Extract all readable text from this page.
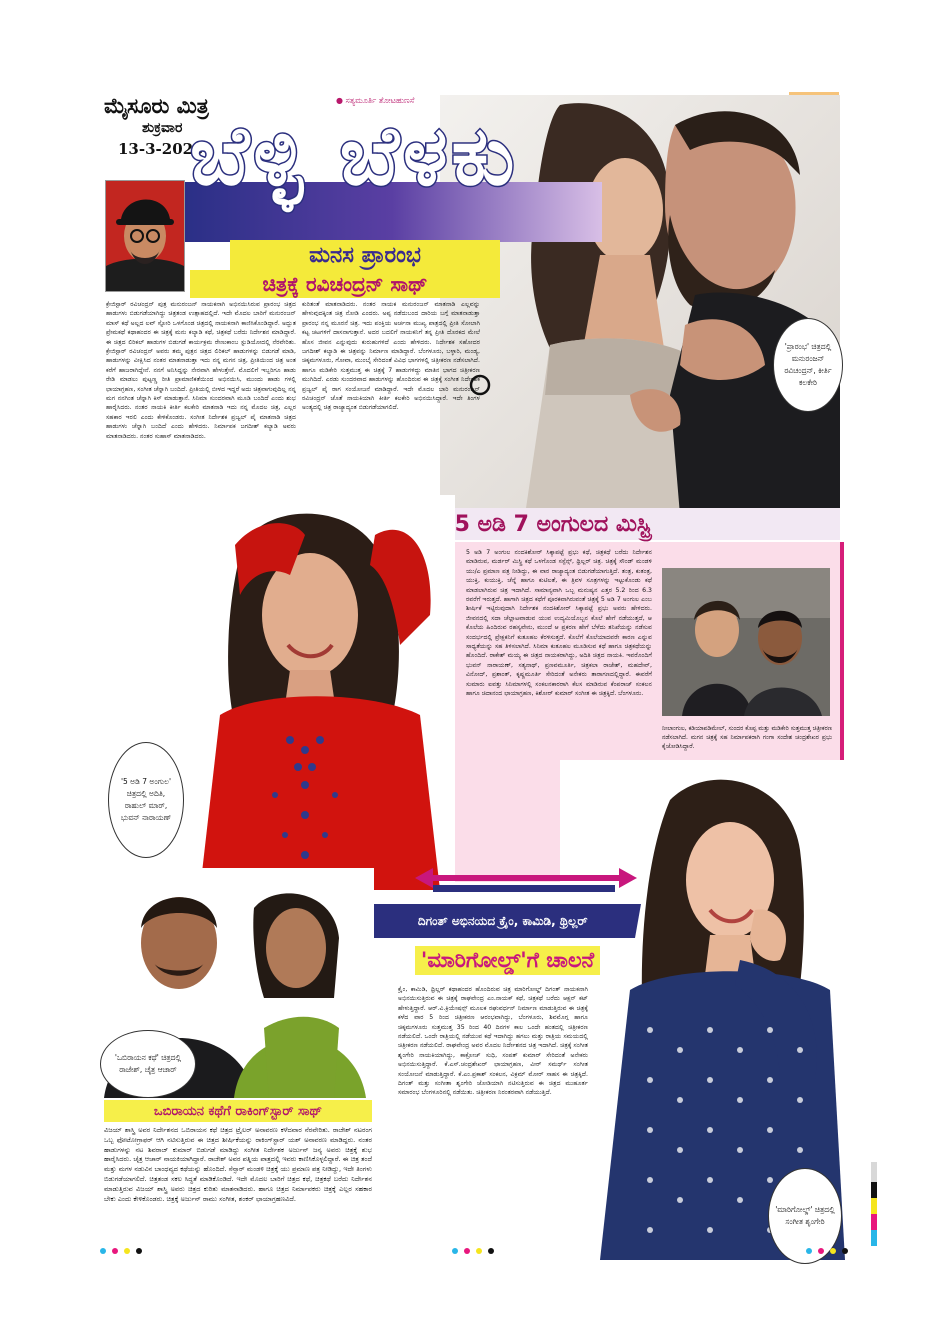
ಮೈಸೂರು ಮಿತ್ರ
ಶುಕ್ರವಾರ
13-3-2020
● ಸತ್ಯಮೂರ್ತಿ ತೋಟಹುಣಸೆ
ಬೆಳ್ಳಿ ಬೆಳಕು
ಮನಸ ಪ್ರಾರಂಭ
ಚಿತ್ರಕ್ಕೆ ರವಿಚಂದ್ರನ್ ಸಾಥ್
ಕ್ರೇಜಿಸ್ಟಾರ್ ರವಿಚಂದ್ರನ್ ಪುತ್ರ ಮನುರಂಜನ್ ನಾಯಕನಾಗಿ ಅಭಿನಯಿಸಿರುವ ಪ್ರಾರಂಭ ಚಿತ್ರದ ಹಾಡುಗಳು ಬಿಡುಗಡೆಯಾಗಿದ್ದು ಚಿತ್ರತಂಡ ಉತ್ಸಾಹದಲ್ಲಿದೆ. ಇದೇ ಮೊದಲ ಬಾರಿಗೆ ಮನುರಂಜನ್ ಮಾಸ್ ಕಥೆ ಅಲ್ಲದ ಲವ್ ಸ್ಟೋರಿ ಒಳಗೊಂಡ ಚಿತ್ರದಲ್ಲಿ ನಾಯಕನಾಗಿ ಕಾಣಿಸಿಕೊಂಡಿದ್ದಾರೆ. ಅದ್ಭುತ ಪ್ರೇಮಕಥೆ ಕಥಾಹಂದರ ಈ ಚಿತ್ರಕ್ಕೆ ಮನು ಕಲ್ಯಾಡಿ ಕಥೆ, ಚಿತ್ರಕಥೆ ಬರೆದು ನಿರ್ದೇಶನ ಮಾಡಿದ್ದಾರೆ. ಈ ಚಿತ್ರದ ಲಿರಿಕಲ್ ಹಾಡುಗಳ ಬಿಡುಗಡೆ ಕಾರ್ಯಕ್ರಮ ರೇಣುಕಾಂಬ ಸ್ಟುಡಿಯೋದಲ್ಲಿ ನೆರವೇರಿತು. ಕ್ರೇಜಿಸ್ಟಾರ್ ರವಿಚಂದ್ರನ್ ಅವರು ತಮ್ಮ ಪುತ್ರನ ಚಿತ್ರದ ಲಿರಿಕಲ್ ಹಾಡುಗಳನ್ನು ಬಿಡುಗಡೆ ಮಾಡಿ, ಹಾಡುಗಳನ್ನು ವೀಕ್ಷಿಸಿದ ನಂತರ ಮಾತನಾಡುತ್ತಾ ಇದು ನನ್ನ ಮಗನ ಚಿತ್ರ, ಪ್ರೀತಿಯಿಂದ ಚಿತ್ರ ಅಂತ ಕರೆಗೆ ಹಾಜರಾಗಿದ್ದೇನೆ. ನನಗೆ ಅನಿಸಿದ್ದನ್ನು ನೇರವಾಗಿ ಹೇಳುತ್ತೇನೆ. ಮೊದಲಿಗೆ ಇಬ್ಬರಿಗೂ ಹಾಡು ರೇಡಿ ಮಾಡಲು ಪುಟ್ಟಣ್ಣ ರೀತಿ ಪ್ರಾಮಾಣಿಕತೆಯಿಂದ ಅಭಿನಯಿಸಿ, ಮುಂದು ಹಾಡು ಗಳಲ್ಲಿ ಛಾಯಾಗ್ರಹಣ, ಸಂಗೀತ ಚೆನ್ನಾಗಿ ಬಂದಿದೆ. ಪ್ರೀತಿಯಲ್ಲಿ ಬೀಳದ ಇದ್ದರೆ ಅದು ಚಿತ್ರವಾಗುವುದಿಲ್ಲ ನನ್ನ ಮಗ ನನಗಿಂತ ಚೆನ್ನಾಗಿ ಕಿಸ್ ಮಾಡುತ್ತಾನೆ. ಸಿನಿಮಾ ಸುಂದರವಾಗಿ ಮೂಡಿ ಬಂದಿದೆ ಎಂದು ಶುಭ ಹಾರೈಸಿದರು. ನಂತರ ನಾಯಕಿ ಕೀರ್ತಿ ಕಲಕೇರಿ ಮಾತನಾಡಿ ಇದು ನನ್ನ ಮೊದಲ ಚಿತ್ರ, ಎಲ್ಲರ ಸಹಕಾರ ಇರಲಿ ಎಂದು ಕೇಳಿಕೊಂಡರು. ಸಂಗೀತ ನಿರ್ದೇಶಕ ಪ್ರಜ್ವಲ್ ಪೈ ಮಾತನಾಡಿ ಚಿತ್ರದ ಹಾಡುಗಳು ಚೆನ್ನಾಗಿ ಬಂದಿದೆ ಎಂದು ಹೇಳಿದರು. ನಿರ್ಮಾಪಕ ಜಗದೀಶ್ ಕಲ್ಯಾಡಿ ಅವರು ಮಾತನಾಡಿದರು. ನಂತರ ಸುಹಾಸ್ ಮಾತನಾಡಿದರು.
ಕುರಿತಂತೆ ಮಾತನಾಡಿದರು. ನಂತರ ನಾಯಕ ಮನುರಂಜನ್ ಮಾತನಾಡಿ ಎಲ್ಲವನ್ನು ಹೇಳುವುದಕ್ಕಿಂತ ಚಿತ್ರ ನೋಡಿ ಎಂದರು. ಅಪ್ಪ ನಡೆದುಬಂದ ದಾರಿಯ ಬಗ್ಗೆ ಮಾತನಾಡುತ್ತಾ ಪ್ರಾರಂಭ ನನ್ನ ಮೂರನೆ ಚಿತ್ರ. ಇದು ಪಂಕ್ತಿಯ ಅರ್ಚನಾ ಮುಖ್ಯ ಪಾತ್ರದಲ್ಲಿ ಪ್ರೀತಿ ಸೋಲಾಗಿ ಕಟ್ಟ ಚಟಗಳಿಗೆ ದಾಸನಾಗುತ್ತಾನೆ. ಅದರ ಬದಲಿಗೆ ನಾಯಕನಿಗೆ ತನ್ನ ಪ್ರೀತಿ ದೊರಕದ ಮೇಲೆ ಹೊಸ ಜೀವನ ಎನ್ನುವುದು ಕುರುಹುಗಳಿದೆ ಎಂದು ಹೇಳಿದರು. ನಿರ್ದೇಶಕ ಸಹೋದರ ಜಗದೀಶ್ ಕಲ್ಯಾಡಿ ಈ ಚಿತ್ರವನ್ನು ನಿರ್ಮಾಣ ಮಾಡಿದ್ದಾರೆ. ಬೆಂಗಳೂರು, ಬಳ್ಳಾರಿ, ಮಂಡ್ಯ, ಚಿಕ್ಕಮಗಳೂರು, ಗೋವಾ, ಮುಂಬೈ ಸೇರಿದಂತೆ ವಿವಿಧ ಭಾಗಗಳಲ್ಲಿ ಚಿತ್ರೀಕರಣ ನಡೆಸಲಾಗಿದೆ. ಹಾಗೂ ಮಡಿಕೇರಿ ಸುತ್ತಮುತ್ತ ಈ ಚಿತ್ರಕ್ಕೆ 7 ಹಾಡುಗಳಿದ್ದು ಮಾತಿನ ಭಾಗದ ಚಿತ್ರೀಕರಣ ಮುಗಿದಿದೆ. ಎರಡು ಸುಂದರವಾದ ಹಾಡುಗಳನ್ನು ಹೊಂದಿರುವ ಈ ಚಿತ್ರಕ್ಕೆ ಸಂಗೀತ ನಿರ್ದೇಶಕ ಪ್ರಜ್ವಲ್ ಪೈ ರಾಗ ಸಂಯೋಜನೆ ಮಾಡಿದ್ದಾರೆ. ಇದೇ ಮೊದಲ ಬಾರಿ ಮನುರಂಜನ್ ರವಿಚಂದ್ರನ್ ಜೊತೆ ನಾಯಕಿಯಾಗಿ ಕೀರ್ತಿ ಕಲಕೇರಿ ಅಭಿನಯಿಸಿದ್ದಾರೆ. ಇದೇ ತಿಂಗಳ ಅಂತ್ಯದಲ್ಲಿ ಚಿತ್ರ ರಾಜ್ಯಾದ್ಯಂತ ಬಿಡುಗಡೆಯಾಗಲಿದೆ.
'ಪ್ರಾರಂಭ' ಚಿತ್ರದಲ್ಲಿ ಮನುರಂಜನ್ ರವಿಚಂದ್ರನ್, ಕೀರ್ತಿ ಕಲಕೇರಿ
5 ಅಡಿ 7 ಅಂಗುಲದ ಮಿಸ್ಟ್ರಿ
'5 ಅಡಿ 7 ಅಂಗುಲ' ಚಿತ್ರದಲ್ಲಿ ಅದಿತಿ, ರಾಹುಲ್ ಮಾರ್, ಭುವನ್ ನಾರಾಯಣ್
5 ಅಡಿ 7 ಅಂಗುಲ ನಂದಕಿಶೋರ್ ಸಿಕ್ಕಾಪಟ್ಟೆ ಪ್ರಭು ಕಥೆ, ಚಿತ್ರಕಥೆ ಬರೆದು ನಿರ್ದೇಶನ ಮಾಡಿರುವ, ಮರ್ಡರ್ ಮಿಸ್ಟ್ರಿ ಕಥೆ ಒಳಗೊಂಡ ಸಸ್ಪೆನ್ಸ್, ಥ್ರಿಲ್ಲರ್ ಚಿತ್ರ. ಚಿತ್ರಕ್ಕೆ ಸೌಂಡ್ ಮಂಡಳಿ ಯು/ಎ ಪ್ರಮಾಣ ಪತ್ರ ನೀಡಿದ್ದು, ಈ ವಾರ ರಾಜ್ಯಾದ್ಯಂತ ಬಿಡುಗಡೆಯಾಗುತ್ತಿದೆ. ತಂತ್ರ, ಕುತಂತ್ರ, ಯುಕ್ತಿ, ಕುಯುಕ್ತಿ, ಚೆನ್ನೆ ಹಾಗೂ ಕುಟಿಲತೆ, ಈ ತ್ರಿವಳ ಸೂತ್ರಗಳನ್ನು ಇಟ್ಟುಕೊಂಡು ಕಥೆ ಮಾಡಲಾಗಿರುವ ಚಿತ್ರ ಇದಾಗಿದೆ. ಸಾಮಾನ್ಯವಾಗಿ ಒಬ್ಬ ಮನುಷ್ಯನ ಎತ್ತರ 5.2 ರಿಂದ 6.3 ರವರೆಗೆ ಇರುತ್ತದೆ. ಹಾಗಾಗಿ ಚಿತ್ರದ ಕಥೆಗೆ ಪೂರಕವಾಗಿರುವಂತೆ ಚಿತ್ರಕ್ಕೆ 5 ಅಡಿ 7 ಅಂಗುಲ ಎಂಬ ಶೀರ್ಷಿಕೆ ಇಟ್ಟಿರುವುದಾಗಿ ನಿರ್ದೇಶಕ ನಂದಕಿಶೋರ್ ಸಿಕ್ಕಾಪಟ್ಟೆ ಪ್ರಭು ಅವರು ಹೇಳಿದರು. ಜೀವನದಲ್ಲಿ ಸದಾ ಚೆಲ್ಲಾಟವಾಡುವ ಯುವ ಉದ್ಯಮಿಯೊಬ್ಬನ ಕೊಲೆ ಹೇಗೆ ನಡೆಯುತ್ತದೆ, ಆ ಕೊಲೆಯ ಹಿಂದಿರುವ ರಹಸ್ಯವೇನು, ಮುಂದೆ ಆ ಪ್ರಕರಣ ಹೇಗೆ ಬೆಳೆದು ತನಿಖೆಯನ್ನು ನಡೆಸುವ ಸಂದರ್ಭದಲ್ಲಿ ಪ್ರೇಕ್ಷಕನಿಗೆ ಕುತೂಹಲ ಕೆರಳಿಸುತ್ತದೆ. ಕೊಲೆಗೆ ಕೊಲೆಯಾದವರೇ ಕಾರಣ ಎನ್ನುವ ಸಾಧ್ಯತೆಯನ್ನು ಸಹ ತಿಳಿಸಲಾಗಿದೆ. ಸಿನಿಮಾ ಕುತೂಹಲ ಮೂಡಿಸುವ ಕಥೆ ಹಾಗೂ ಚಿತ್ರಕಥೆಯನ್ನು ಹೊಂದಿದೆ. ರಾಕೇಶ್ ಮಯ್ಯ ಈ ಚಿತ್ರದ ನಾಯಕರಾಗಿದ್ದು, ಅದಿತಿ ಚಿತ್ರದ ನಾಯಕಿ. ಇವರೊಂದಿಗೆ ಭುವನ್ ನಾರಾಯಣ್, ಸತ್ಯನಾಥ್, ಪ್ರಣವಮೂರ್ತಿ, ಚಿತ್ರಕಲಾ ರಾಜೇಶ್, ಮಹದೇವ್, ವಿನೋದ್, ಪ್ರಶಾಂತ್, ಕೃಷ್ಣಮೂರ್ತಿ ಸೇರಿದಂತೆ ಅನೇಕರು ತಾರಾಗಣದಲ್ಲಿದ್ದಾರೆ. ಈವರೆಗೆ ಸುಮಾರು ಐವತ್ತು ಸಿನಿಮಾಗಳಲ್ಲಿ ಸಂಕಲನಕಾರರಾಗಿ ಕೆಲಸ ಮಾಡಿರುವ ಕೆಂಪರಾಜ್ ಸಂಕಲನ ಹಾಗೂ ಚಿದಾನಂದ ಛಾಯಾಗ್ರಹಣ, ಕಿಶೋರ್ ಕುಮಾರ್ ಸಂಗೀತ ಈ ಚಿತ್ರಕ್ಕಿದೆ. ಬೆಂಗಳೂರು.
ನೀಲಾಂಗುಲ, ಕಡಿಯಾಪಡಿಮೇಲ್, ಸುಂದರ ಕೊಪ್ಪ ಮತ್ತು ಮಡಿಕೇರಿ ಸುತ್ತಮುತ್ತ ಚಿತ್ರೀಕರಣ ನಡೆಸಲಾಗಿದೆ. ಮಗನ ಚಿತ್ರಕ್ಕೆ ಸಹ ನಿರ್ಮಾಪಕರಾಗಿ ಗಂಗಾ ಸಂದೇಶ ಚಂದ್ರಶೇಖರ ಪ್ರಭು ಕೈಜೋಡಿಸಿದ್ದಾರೆ.
ದಿಗಂತ್ ಅಭಿನಯದ ಕ್ರೈಂ, ಕಾಮಿಡಿ, ಥ್ರಿಲ್ಲರ್
'ಮಾರಿಗೋಲ್ಡ್'ಗೆ ಚಾಲನೆ
ಕ್ರೈಂ, ಕಾಮಿಡಿ, ಥ್ರಿಲ್ಲರ್ ಕಥಾಹಂದರ ಹೊಂದಿರುವ ಚಿತ್ರ ಮಾರಿಗೋಲ್ಡ್ ದಿಗಂತ್ ನಾಯಕನಾಗಿ ಅಭಿನಯಿಸುತ್ತಿರುವ ಈ ಚಿತ್ರಕ್ಕೆ ರಾಘವೇಂದ್ರ ಎಂ.ನಾಯಕ್ ಕಥೆ, ಚಿತ್ರಕಥೆ ಬರೆದು ಆಕ್ಷನ್ ಕಟ್ ಹೇಳುತ್ತಿದ್ದಾರೆ. ಆರ್.ವಿ.ಕ್ರಿಯೇಷನ್ಸ್ ಮೂಲಕ ರಘುವರ್ಧನ್ ನಿರ್ಮಾಣ ಮಾಡುತ್ತಿರುವ ಈ ಚಿತ್ರಕ್ಕೆ ಕಳೆದ ವಾರ 5 ರಿಂದ ಚಿತ್ರೀಕರಣ ಆರಂಭವಾಗಿದ್ದು, ಬೆಂಗಳೂರು, ಶಿವಮೊಗ್ಗ ಹಾಗೂ ಚಿಕ್ಕಮಗಳೂರು ಸುತ್ತಮುತ್ತ 35 ರಿಂದ 40 ದಿನಗಳ ಕಾಲ ಒಂದೇ ಹಂತದಲ್ಲಿ ಚಿತ್ರೀಕರಣ ನಡೆಯಲಿದೆ. ಒಂದೇ ರಾತ್ರಿಯಲ್ಲಿ ನಡೆಯುವ ಕಥೆ ಇದಾಗಿದ್ದು ಹಗಲು ಮತ್ತು ರಾತ್ರಿಯ ಸಮಯದಲ್ಲಿ ಚಿತ್ರೀಕರಣ ನಡೆಯಲಿದೆ. ರಾಘವೇಂದ್ರ ಅವರ ಮೊದಲ ನಿರ್ದೇಶನದ ಚಿತ್ರ ಇದಾಗಿದೆ. ಚಿತ್ರಕ್ಕೆ ಸಂಗೀತ ಶೃಂಗೇರಿ ನಾಯಕಿಯಾಗಿದ್ದು, ಕಾಕ್ರೋಚ್ ಸುಧಿ, ಸಂಪತ್ ಕುಮಾರ್ ಸೇರಿದಂತೆ ಅನೇಕರು ಅಭಿನಯಿಸುತ್ತಿದ್ದಾರೆ. ಕೆ.ಎಸ್.ಚಂದ್ರಶೇಖರ್ ಛಾಯಾಗ್ರಹಣ, ವೀರ್ ಸಮರ್ಥ್ ಸಂಗೀತ ಸಂಯೋಜನೆ ಮಾಡುತ್ತಿದ್ದಾರೆ. ಕೆ.ಎಂ.ಪ್ರಕಾಶ್ ಸಂಕಲನ, ವಿಕ್ರಮ್ ಮೋರ್ ಸಾಹಸ ಈ ಚಿತ್ರಕ್ಕಿದೆ. ದಿಗಂತ್ ಮತ್ತು ಸಂಗೀತಾ ಶೃಂಗೇರಿ ಜೋಡಿಯಾಗಿ ನಟಿಸುತ್ತಿರುವ ಈ ಚಿತ್ರದ ಮುಹೂರ್ತ ಸಮಾರಂಭ ಬೆಂಗಳೂರಿನಲ್ಲಿ ನಡೆಯಿತು. ಚಿತ್ರೀಕರಣ ನಿರಂತರವಾಗಿ ನಡೆಯುತ್ತಿದೆ.
'ಮಾರಿಗೋಲ್ಡ್' ಚಿತ್ರದಲ್ಲಿ ಸಂಗೀತ ಶೃಂಗೇರಿ
'ಒಬಿರಾಯನ ಕಥೆ' ಚಿತ್ರದಲ್ಲಿ ರಾಜೇಶ್, ಚೈತ್ರ ಆಚಾರ್
ಒಬಿರಾಯನ ಕಥೆಗೆ ರಾಕಿಂಗ್‌ಸ್ಟಾರ್ ಸಾಥ್
ವಿಜಯ್ ಶಾಸ್ತ್ರಿ ಅವರ ನಿರ್ದೇಶನದ ಒಬಿರಾಯನ ಕಥೆ ಚಿತ್ರದ ಟ್ರೈಲರ್ ಅನಾವರಣ ಕಳೆದವಾರ ನೆರವೇರಿತು. ರಾಜೇಶ್ ನಟರಂಗ ಒಬ್ಬ ಫೋಟೋಗ್ರಾಫರ್ ಆಗಿ ನಟಿಸುತ್ತಿರುವ ಈ ಚಿತ್ರದ ಶೀರ್ಷಿಕೆಯನ್ನು ರಾಕಿಂಗ್‌ಸ್ಟಾರ್ ಯಶ್ ಅನಾವರಣ ಮಾಡಿದ್ದರು. ನಂತರ ಹಾಡುಗಳನ್ನು ನಟ ಶಿವರಾಜ್ ಕುಮಾರ್ ಬಿಡುಗಡೆ ಮಾಡಿದ್ದು ಸಂಗೀತ ನಿರ್ದೇಶಕ ಅರ್ಜುನ್ ಜನ್ಯ ಅವರು ಚಿತ್ರಕ್ಕೆ ಶುಭ ಹಾರೈಸಿದರು. ಚೈತ್ರ ಆಚಾರ್ ನಾಯಕಿಯಾಗಿದ್ದಾರೆ. ರಾಜೇಶ್ ಅವರ ಪತ್ನಿಯ ಪಾತ್ರದಲ್ಲಿ ಇವರು ಕಾಣಿಸಿಕೊಳ್ಳಲಿದ್ದಾರೆ. ಈ ಚಿತ್ರ ತಂದೆ ಮತ್ತು ಮಗಳ ನಡುವಿನ ಬಾಂಧವ್ಯದ ಕಥೆಯನ್ನು ಹೊಂದಿದೆ. ಸೆನ್ಸಾರ್ ಮಂಡಳಿ ಚಿತ್ರಕ್ಕೆ ಯು ಪ್ರಮಾಣ ಪತ್ರ ನೀಡಿದ್ದು, ಇದೇ ತಿಂಗಳು ಬಿಡುಗಡೆಯಾಗಲಿದೆ. ಚಿತ್ರತಂಡ ಸಕಲ ಸಿದ್ಧತೆ ಮಾಡಿಕೊಂಡಿದೆ. ಇದೇ ಮೊದಲ ಬಾರಿಗೆ ಚಿತ್ರದ ಕಥೆ, ಚಿತ್ರಕಥೆ ಬರೆದು ನಿರ್ದೇಶನ ಮಾಡುತ್ತಿರುವ ವಿಜಯ್ ಶಾಸ್ತ್ರಿ ಅವರು ಚಿತ್ರದ ಕುರಿತು ಮಾತನಾಡಿದರು. ಹಾಗೂ ಚಿತ್ರದ ನಿರ್ಮಾಪಕರು ಚಿತ್ರಕ್ಕೆ ಎಲ್ಲರ ಸಹಕಾರ ಬೇಕು ಎಂದು ಕೇಳಿಕೊಂಡರು. ಚಿತ್ರಕ್ಕೆ ಅರ್ಜುನ್ ರಾಮು ಸಂಗೀತ, ಶಂಕರ್ ಛಾಯಾಗ್ರಹಣವಿದೆ.
